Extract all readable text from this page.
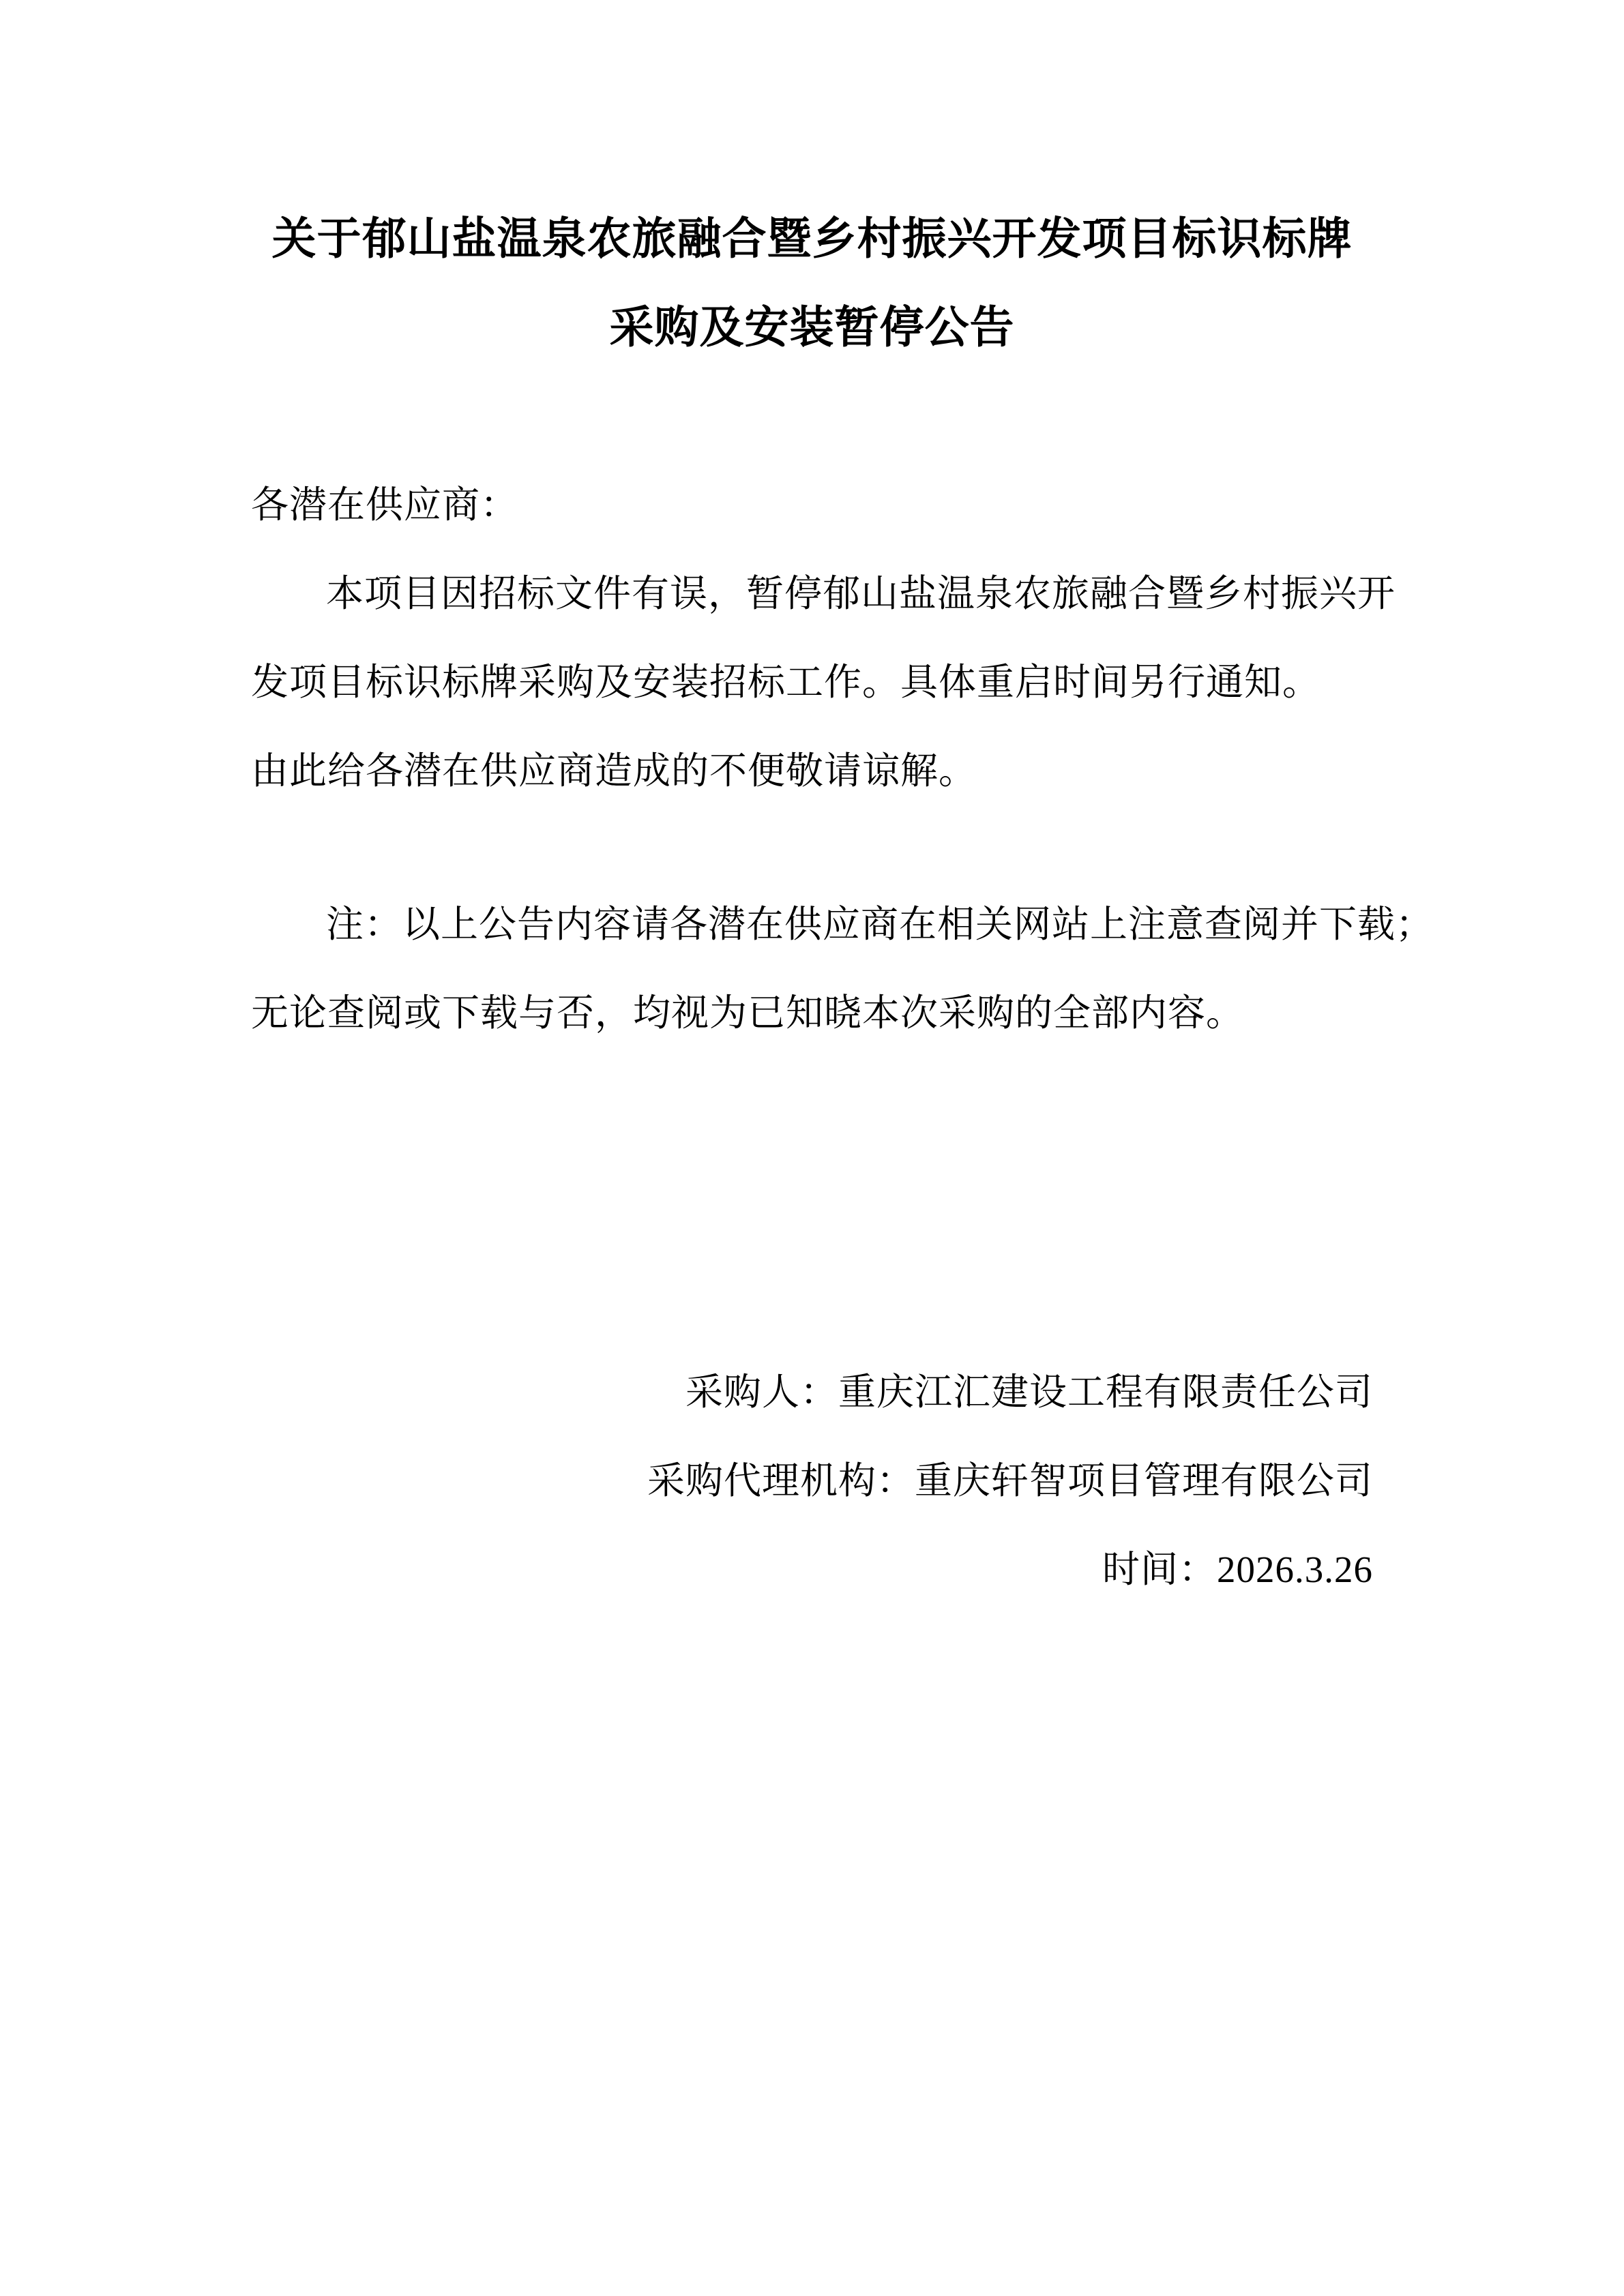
关于郁山盐温泉农旅融合暨乡村振兴开发项目标识标牌
采购及安装暂停公告
各潜在供应商：
本项目因招标文件有误，暂停郁山盐温泉农旅融合暨乡村振兴开
发项目标识标牌采购及安装招标工作。具体重启时间另行通知。
由此给各潜在供应商造成的不便敬请谅解。
注：以上公告内容请各潜在供应商在相关网站上注意查阅并下载；
无论查阅或下载与否，均视为已知晓本次采购的全部内容。
采购人：重庆江汇建设工程有限责任公司
采购代理机构：重庆轩智项目管理有限公司
时间：2026.3.26
